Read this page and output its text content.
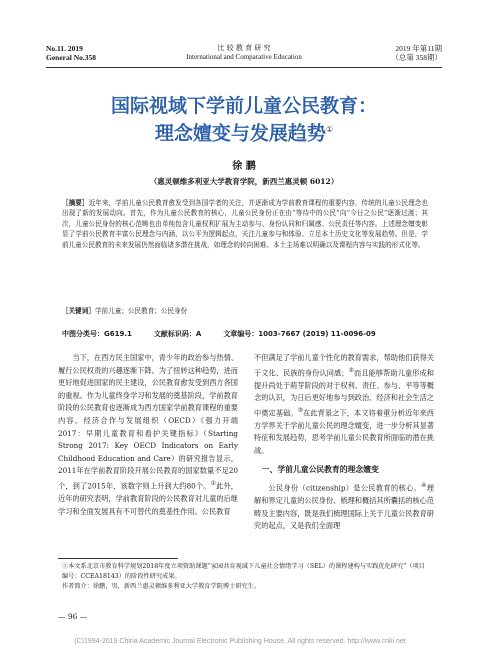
No.11. 2019
General No.358
比 较 教 育 研 究
International and Comparative Education
2019 年第11期
（总第 358期）
国际视域下学前儿童公民教育：
理念嬗变与发展趋势①
徐 鹏
（惠灵顿维多利亚大学教育学院，新西兰惠灵顿 6012）
［摘要］近年来，学前儿童公民教育愈发受到各国学者的关注，并逐渐成为学前教育课程的重要内容，传统的儿童公民理念也出现了新的发展动向。首先，作为儿童公民教育的核心，儿童公民身份正在由“等待中的公民”向“今日之公民”逐渐过渡；其次，儿童公民身份的核心范畴也由单纯包含儿童权利扩展为主动参与、身份认同和归属感、公民责任等内容。上述理念嬗变彰显了学前公民教育丰富公民理念与内涵，以公平为逻辑起点，关注儿童参与和体验、立足本土历史文化等发展趋势。但是，学前儿童公民教育的未来发展仍然面临诸多潜在挑战，如理念的转向困难、本土主场难以明确以及课程内容与实践的形式化等。
［关键词］学前儿童；公民教育；公民身份
中图分类号：G619.1	文献标识码：A	文章编号：1003-7667 (2019) 11-0096-09

当下，在西方民主国家中，青少年的政治参与热情、履行公民权责的兴趣逐渐下降。为了扭转这种趋势，进而更好地促进国家的民主建设，公民教育愈发受到西方各国的重视。作为儿童终身学习和发展的奠基阶段，学前教育阶段的公民教育也逐渐成为西方国家学前教育课程的重要内容。经济合作与发展组织（OECD）《强力开端2017：早期儿童教育和看护关键指标》（Starting Strong 2017: Key OECD Indicators on Early Childhood Education and Care）的研究报告显示，2011年在学前教育阶段开展公民教育的国家数量不足20个，到了2015年，该数字则上升到大约80个。①此外，近年的研究表明，学前教育阶段的公民教育对儿童的后继学习和全面发展具有不可替代的奠基性作用。公民教育

不但满足了学前儿童个性化的教育需求，帮助他们获得关于文化、民族的身份认同感；②而且能够帮助儿童形成和提升尚处于萌芽阶段的对于权利、责任、参与、平等等概念的认识，为日后更好地参与到政治、经济和社会生活之中奠定基础。③在此背景之下，本文将着重分析近年来西方学界关于学前儿童公民的理念嬗变，进一步分析其显著特征和发展趋势，思考学前儿童公民教育所面临的潜在挑战。

一、学前儿童公民教育的理念嬗变

公民身份（citizenship）是公民教育的核心。④理解和界定儿童的公民身份、梳理和概括其所囊括的核心范畴及主要内容，既是我们梳理国际上关于儿童公民教育研究的起点，又是我们全面理

①本文系北京市教育科学规划2018年度立项资助课题“家园共育视域下儿童社会情绪学习（SEL）的课程建构与实践优化研究”（项目编号：CCEA18143）的阶段性研究成果。

作者简介：徐鹏，男，新西兰惠灵顿维多利亚大学教育学院博士研究生。

— 96 —
(C)1994-2019 China Academic Journal Electronic Publishing House. All rights reserved. http://www.cnki.net
